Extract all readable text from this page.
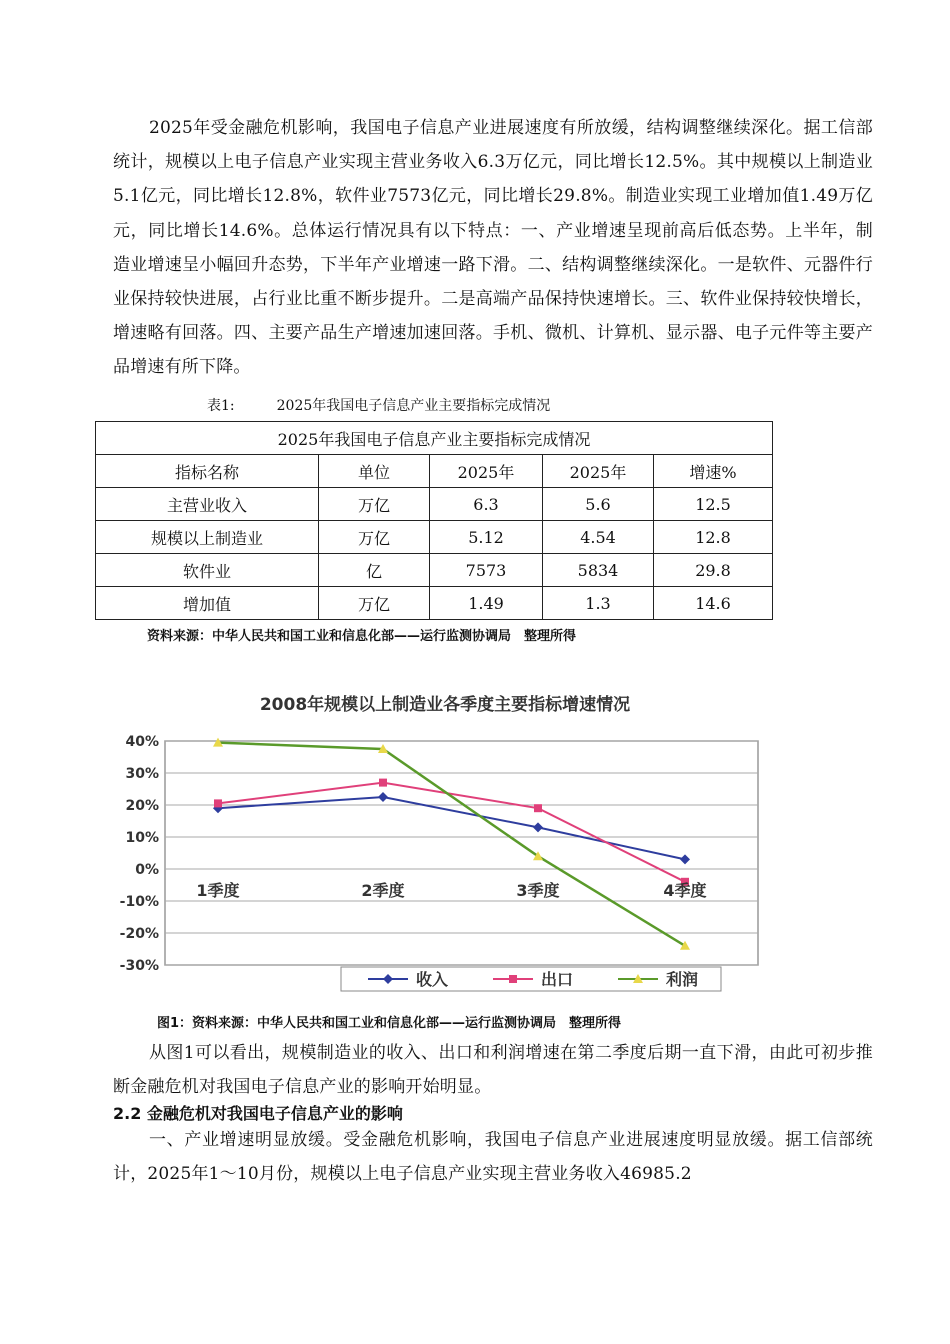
2025年受金融危机影响，我国电子信息产业进展速度有所放缓，结构调整继续深化。据工信部统计，规模以上电子信息产业实现主营业务收入6.3万亿元，同比增长12.5%。其中规模以上制造业5.1亿元，同比增长12.8%，软件业7573亿元，同比增长29.8%。制造业实现工业增加值1.49万亿元，同比增长14.6%。总体运行情况具有以下特点：一、产业增速呈现前高后低态势。上半年，制造业增速呈小幅回升态势，下半年产业增速一路下滑。二、结构调整继续深化。一是软件、元器件行业保持较快进展，占行业比重不断步提升。二是高端产品保持快速增长。三、软件业保持较快增长，增速略有回落。四、主要产品生产增速加速回落。手机、微机、计算机、显示器、电子元件等主要产品增速有所下降。

表1:	2025年我国电子信息产业主要指标完成情况
2025年我国电子信息产业主要指标完成情况				
指标名称	单位	2025年	2025年	增速%
主营业收入	万亿	6.3	5.6	12.5
规模以上制造业	万亿	5.12	4.54	12.8
软件业	亿	7573	5834	29.8
增加值	万亿	1.49	1.3	14.6
资料来源：中华人民共和国工业和信息化部——运行监测协调局　整理所得
40%
30%
20%
10%
0%
-10%
-20%
-30%
1季度	2季度	3季度	4季度
2008年规模以上制造业各季度主要指标增速情况
收入	出口	利润
图1：资料来源：中华人民共和国工业和信息化部——运行监测协调局　整理所得

从图1可以看出，规模制造业的收入、出口和利润增速在第二季度后期一直下滑，由此可初步推断金融危机对我国电子信息产业的影响开始明显。

2.2 金融危机对我国电子信息产业的影响

一、产业增速明显放缓。受金融危机影响，我国电子信息产业进展速度明显放缓。据工信部统计，2025年1～10月份，规模以上电子信息产业实现主营业务收入46985.2
